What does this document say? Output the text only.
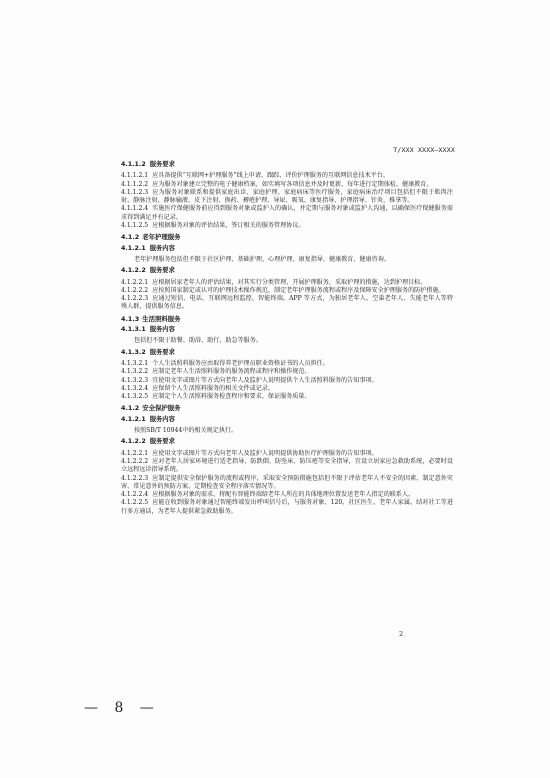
T/XXX XXXX—XXXX
4.1.1.2 服务要求
4.1.1.2.1 应具备提供“互联网+护理服务”线上申请、跟踪、评价护理服务的互联网信息技术平台。
4.1.1.2.2 应为服务对象建立完整的电子健康档案，如实填写各项信息并及时更新，每年进行定期体检、健康教育。
4.1.1.2.3 应为服务对象联系和提供家庭出诊、家庭护理、家庭病床等医疗服务，家庭病床治疗项目包括但不限于肌肉注射、静脉注射、静脉输液、皮下注射、换药、褥疮护理、导尿、吸氧、康复指导、护理指导、针灸、推拿等。
4.1.1.2.4 实施医疗保健服务前应得到服务对象或监护人的确认，并定期与服务对象或监护人沟通，以确保医疗保健服务需求得到满足并有记录。
4.1.1.2.5 应根据服务对象的评估结果，签订相关的服务管理协议。
4.1.2 老年护理服务
4.1.2.1 服务内容
老年护理服务包括但不限于社区护理、基础护理、心理护理、康复指导、健康教育、健康咨询。
4.1.2.2 服务要求
4.1.2.2.1 应根据居家老年人的评估结果，对其实行分类管理，开展护理服务，采取护理的措施，达到护理目标。
4.1.2.2.2 应按照国家制定或认可的护理技术操作规范，制定老年护理服务流程或程序及保障安全护理服务的防护措施。
4.1.2.2.3 应通过短信、电话、互联网远程监控、智能终端、APP 等方式，为独居老年人、空巢老年人、失能老年人等特殊人群，提供服务信息。
4.1.3 生活照料服务
4.1.3.1 服务内容
包括但不限于助餐、助浴、助行、助急等服务。
4.1.3.2 服务要求
4.1.3.2.1 个人生活照料服务应由取得养老护理员职业资格证书的人员担任。
4.1.3.2.2 应制定老年人生活照料服务的服务流程或程序和操作规范。
4.1.3.2.3 宜使用文字或图片等方式向老年人及监护人说明提供个人生活照料服务的告知事项。
4.1.3.2.4 应保留个人生活照料服务的相关文件或记录。
4.1.3.2.5 应制定个人生活照料服务检查程序和要求，保证服务质量。
4.1.2 安全保护服务
4.1.2.1 服务内容
按照SB/T 10944中的相关规定执行。
4.1.2.2 服务要求
4.1.2.2.1 应使用文字或图片等方式向老年人及监护人说明提供协助医疗护理服务的告知事项。
4.1.2.2.2 应对老年人居家环境进行适老指导，防跌倒、防坠床、防压疮等安全指导，宜设立居家应急救助系统，必要时设立远程远诊指导系统。
4.1.2.2.3 应制定提供安全保护服务的流程或程序，采取安全预防措施包括但不限于评估老年人不安全的因素、制定意外灾害、常见意外的预防方案、定期检查安全程序落实情况等。
4.1.2.2.4 应根据服务对象的需求，将配有智能终端给老年人所在的具体地理位置发送老年人指定的联系人。
4.1.2.2.5 应能在收到服务对象通过智能终端发出呼叫信号后，与服务对象、120、社区医生、老年人家属、结对社工等进行多方通话，为老年人提供紧急救助服务。
2
— 8 —
